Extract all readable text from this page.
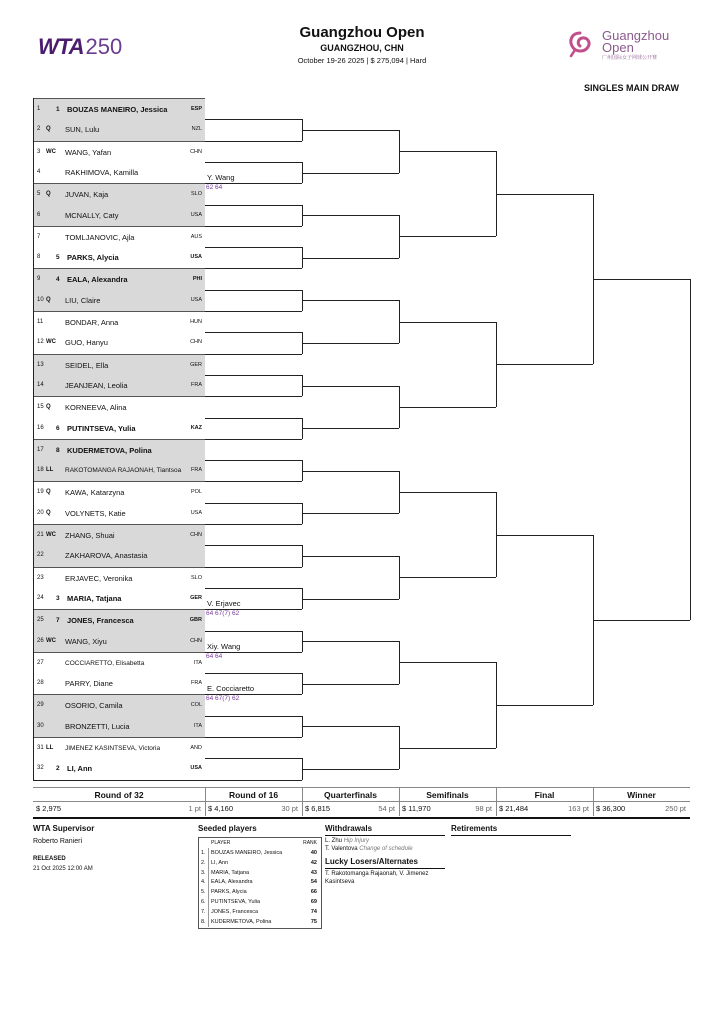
WTA250
Guangzhou Open
GUANGZHOU, CHN
October 19-26 2025 | $ 275,094 | Hard
Guangzhou
Open
广州国际女子网球公开赛
SINGLES MAIN DRAW
1 1 BOUZAS MANEIRO, Jessica	ESP
2 Q SUN, Lulu	NZL
3 WC WANG, Yafan	CHN
4	RAKHIMOVA, Kamilla
5 Q JUVAN, Kaja	SLO
6	MCNALLY, Caty	USA
7	TOMLJANOVIC, Ajla	AUS
8 5 PARKS, Alycia	USA
9 4 EALA, Alexandra	PHI
10 Q LIU, Claire	USA
11	BONDAR, Anna	HUN
12 WC GUO, Hanyu	CHN
13	SEIDEL, Ella	GER
14	JEANJEAN, Leolia	FRA
15 Q KORNEEVA, Alina
16 6 PUTINTSEVA, Yulia	KAZ
17 8 KUDERMETOVA, Polina
18 LL RAKOTOMANGA RAJAONAH, Tiantsoa FRA
19 Q KAWA, Katarzyna	POL
20 Q VOLYNETS, Katie	USA
21 WC ZHANG, Shuai	CHN
22	ZAKHAROVA, Anastasia
23	ERJAVEC, Veronika	SLO
24 3 MARIA, Tatjana	GER
25 7 JONES, Francesca	GBR
26 WC WANG, Xiyu	CHN
27	COCCIARETTO, Elisabetta	ITA
28	PARRY, Diane	FRA
29	OSORIO, Camila	COL
30	BRONZETTI, Lucia	ITA
31 LL JIMENEZ KASINTSEVA, Victoria	AND
32 2 LI, Ann	USA
Y. Wang
62 64
V. Erjavec
64 67(7) 62
Xiy. Wang
64 64
E. Cocciaretto
64 67(7) 62
Round of 32
$ 2,975	1 pt
Round of 16
$ 4,160	30 pt
Quarterfinals
$ 6,815	54 pt
Semifinals
$ 11,970	98 pt
Final
$ 21,484	163 pt
Winner
$ 36,300	250 pt
WTA Supervisor
Roberto Ranieri
RELEASED
21 Oct 2025 12:00 AM
Seeded players
PLAYER	RANK
1. BOUZAS MANEIRO, Jessica	40
2. LI, Ann	42
3. MARIA, Tatjana	43
4. EALA, Alexandra	54
5. PARKS, Alycia	66
6. PUTINTSEVA, Yulia	69
7. JONES, Francesca	74
8. KUDERMETOVA, Polina	75
Withdrawals
L. Zhu Hip Injury
T. Valentova Change of schedule
Retirements
Lucky Losers/Alternates
T. Rakotomanga Rajaonah, V. Jimenez Kasintseva
